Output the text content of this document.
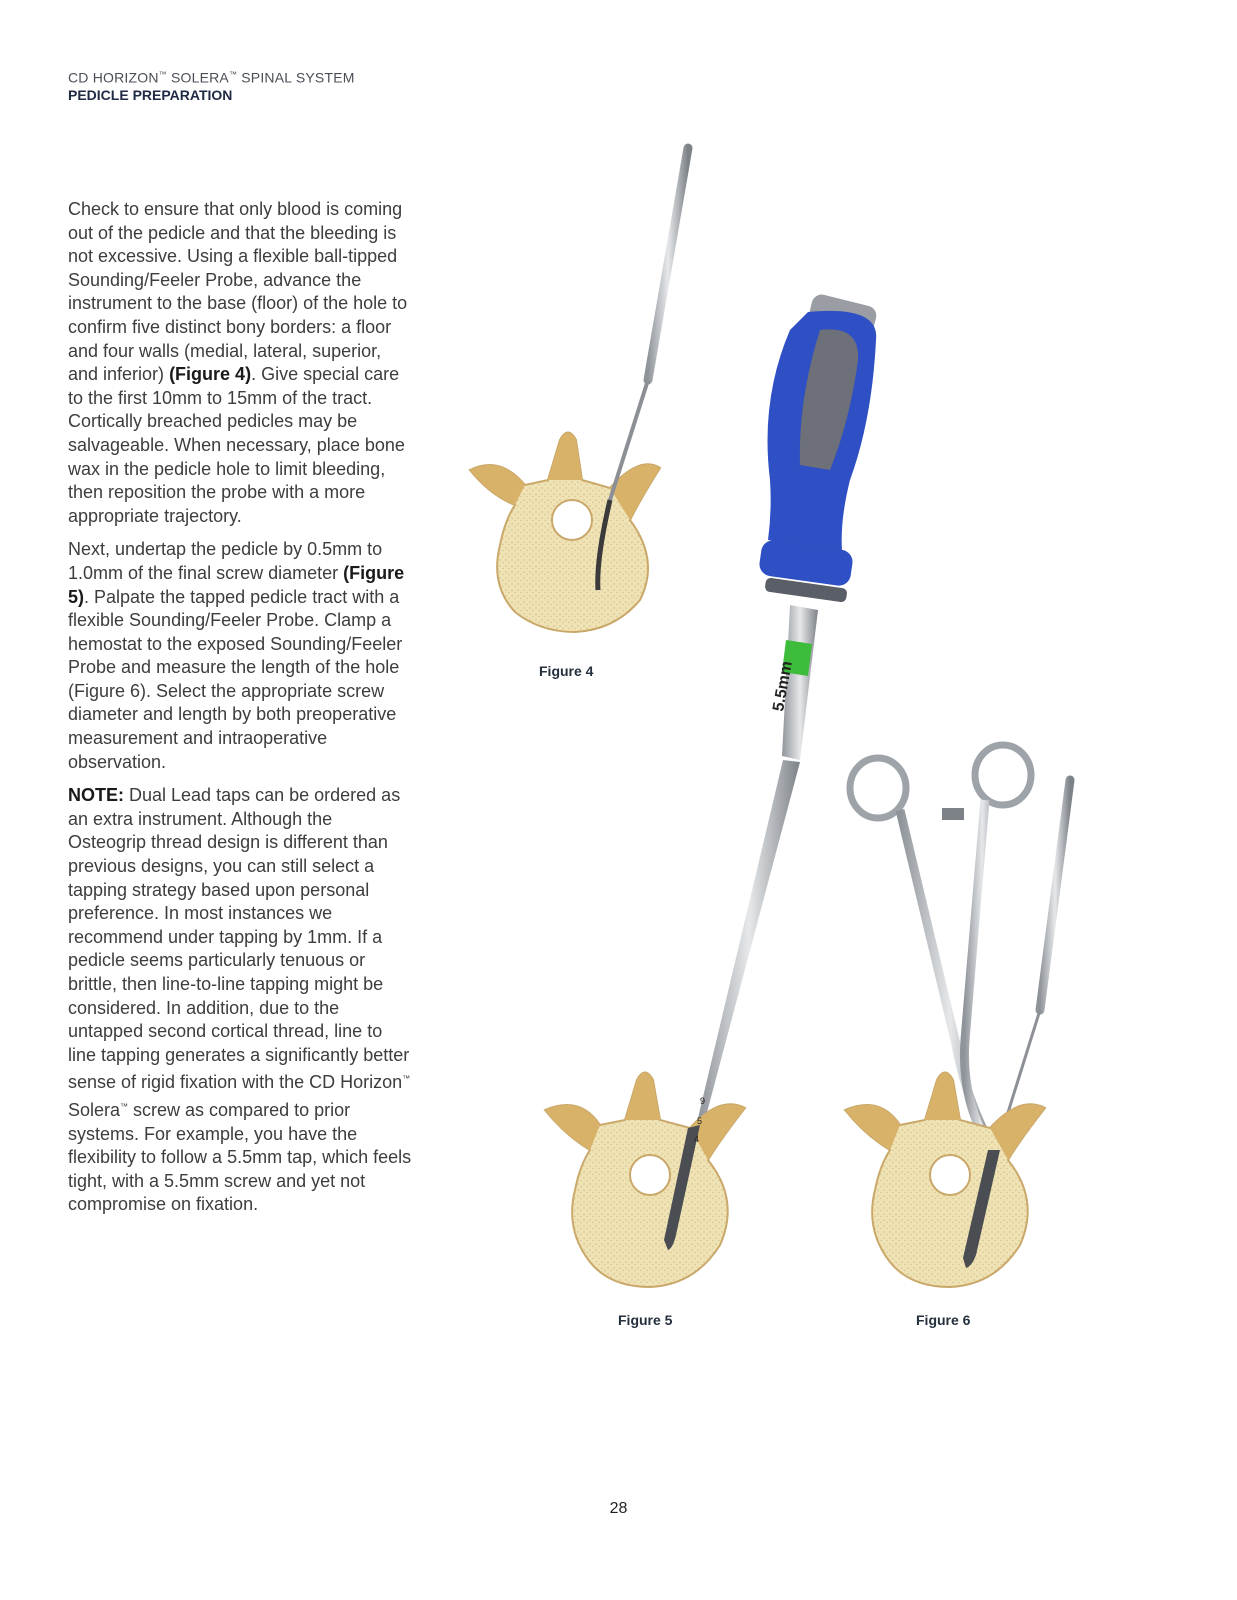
CD HORIZON™ SOLERA™ SPINAL SYSTEM
PEDICLE PREPARATION

Check to ensure that only blood is coming out of the pedicle and that the bleeding is not excessive. Using a flexible ball-tipped Sounding/Feeler Probe, advance the instrument to the base (floor) of the hole to confirm five distinct bony borders: a floor and four walls (medial, lateral, superior, and inferior) (Figure 4). Give special care to the first 10mm to 15mm of the tract. Cortically breached pedicles may be salvageable. When necessary, place bone wax in the pedicle hole to limit bleeding, then reposition the probe with a more appropriate trajectory.

Next, undertap the pedicle by 0.5mm to 1.0mm of the final screw diameter (Figure 5). Palpate the tapped pedicle tract with a flexible Sounding/Feeler Probe. Clamp a hemostat to the exposed Sounding/Feeler Probe and measure the length of the hole (Figure 6). Select the appropriate screw diameter and length by both preoperative measurement and intraoperative observation.

NOTE: Dual Lead taps can be ordered as an extra instrument. Although the Osteogrip thread design is different than previous designs, you can still select a tapping strategy based upon personal preference. In most instances we recommend under tapping by 1mm. If a pedicle seems particularly tenuous or brittle, then line-to-line tapping might be considered. In addition, due to the untapped second cortical thread, line to line tapping generates a significantly better sense of rigid fixation with the CD Horizon™ Solera™ screw as compared to prior systems. For example, you have the flexibility to follow a 5.5mm tap, which feels tight, with a 5.5mm screw and yet not compromise on fixation.

5.5mm
9
5
4
Figure 4
Figure 5	Figure 6
28
